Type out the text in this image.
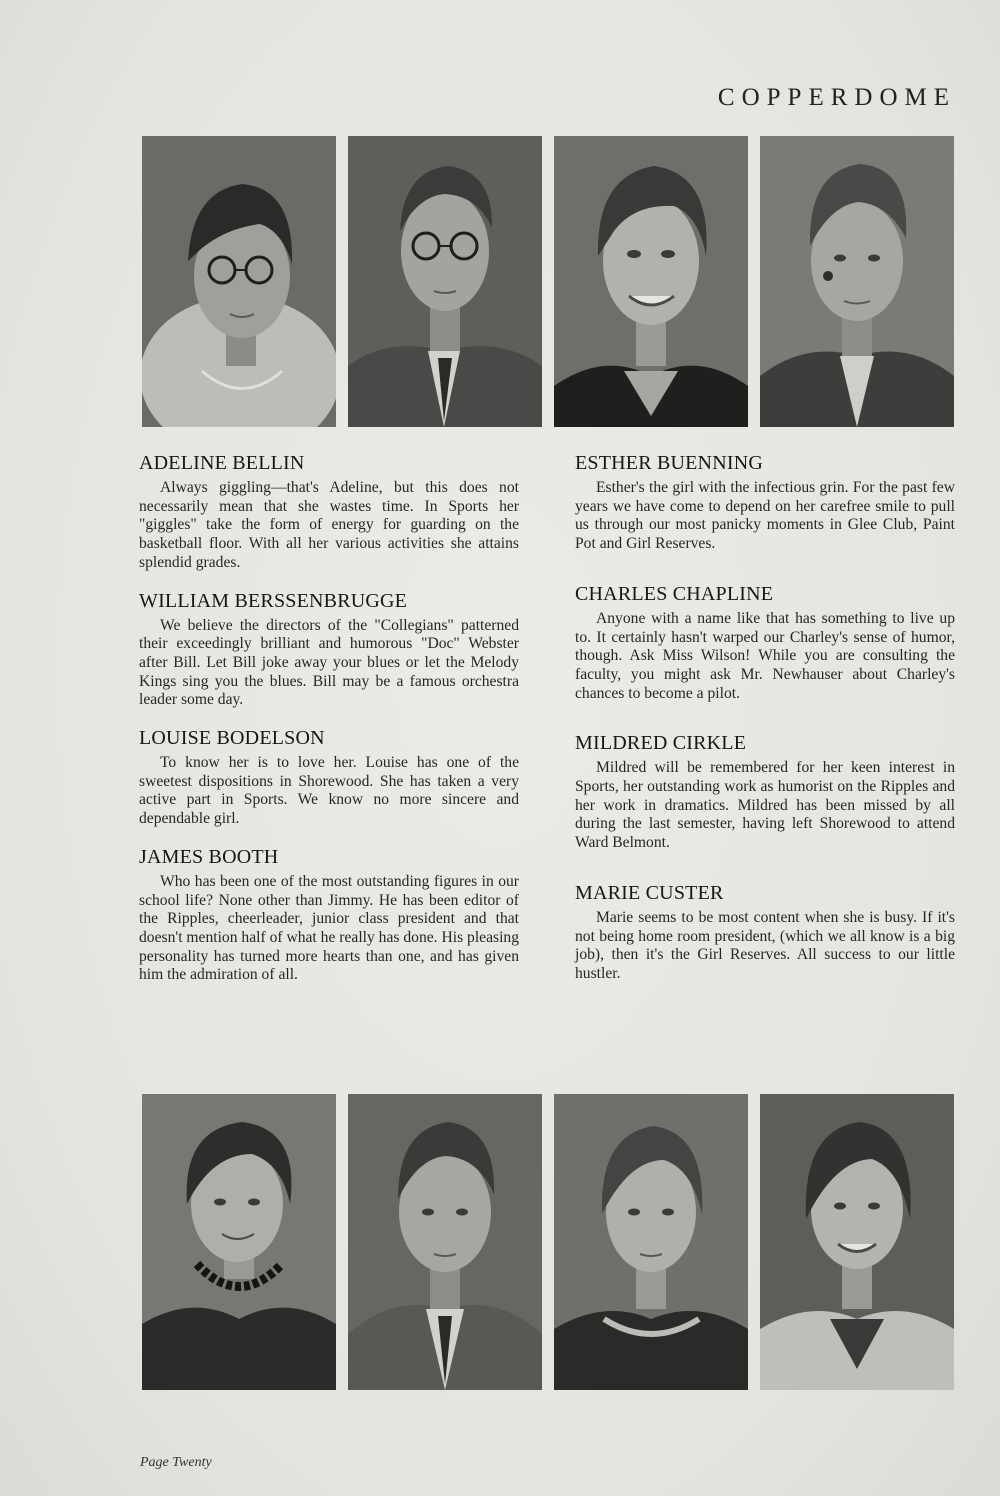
COPPERDOME
ADELINE BELLIN

Always giggling—that's Adeline, but this does not necessarily mean that she wastes time. In Sports her "giggles" take the form of energy for guarding on the basketball floor. With all her various activities she attains splendid grades.

WILLIAM BERSSENBRUGGE

We believe the directors of the "Collegians" patterned their exceedingly brilliant and humorous "Doc" Webster after Bill. Let Bill joke away your blues or let the Melody Kings sing you the blues. Bill may be a famous orchestra leader some day.

LOUISE BODELSON

To know her is to love her. Louise has one of the sweetest dispositions in Shorewood. She has taken a very active part in Sports. We know no more sincere and dependable girl.

JAMES BOOTH

Who has been one of the most outstanding figures in our school life? None other than Jimmy. He has been editor of the Ripples, cheerleader, junior class president and that doesn't mention half of what he really has done. His pleasing personality has turned more hearts than one, and has given him the admiration of all.

ESTHER BUENNING

Esther's the girl with the infectious grin. For the past few years we have come to depend on her carefree smile to pull us through our most panicky moments in Glee Club, Paint Pot and Girl Reserves.

CHARLES CHAPLINE

Anyone with a name like that has something to live up to. It certainly hasn't warped our Charley's sense of humor, though. Ask Miss Wilson! While you are consulting the faculty, you might ask Mr. Newhauser about Charley's chances to become a pilot.

MILDRED CIRKLE

Mildred will be remembered for her keen interest in Sports, her outstanding work as humorist on the Ripples and her work in dramatics. Mildred has been missed by all during the last semester, having left Shorewood to attend Ward Belmont.

MARIE CUSTER

Marie seems to be most content when she is busy. If it's not being home room president, (which we all know is a big job), then it's the Girl Reserves. All success to our little hustler.

Page Twenty
